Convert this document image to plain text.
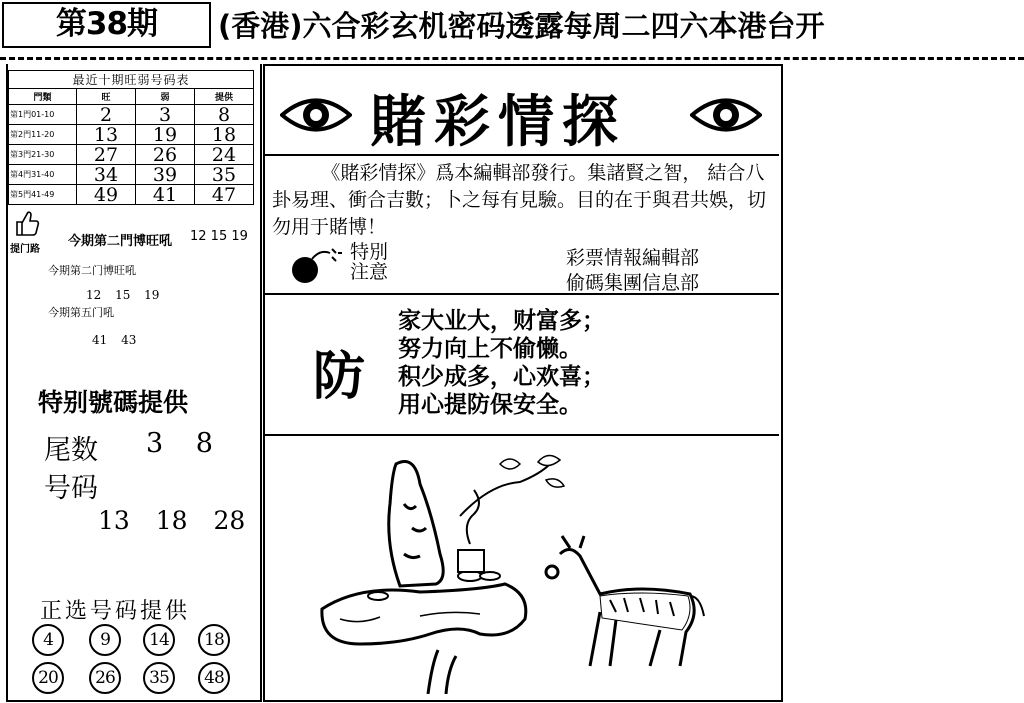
第38期	(香港)六合彩玄机密码透露每周二四六本港台开
最近十期旺弱号码表			
門類	旺	弱	提供
第1門01-10	2	3	8
第2門11-20	13	19	18
第3門21-30	27	26	24
第4門31-40	34	39	35
第5門41-49	49	41	47
提门路
今期第二門博旺吼 12 15 19
今期第二门博旺吼
12 15 19
今期第五门吼
41 43
特别號碼提供
尾数 3 8
号码
13 18 28
正选号码提供
4	9	14	18
20	26	35	48
賭彩情探
《賭彩情探》爲本編輯部發行。集諸賢之智， 結合八卦易理、衝合吉數；卜之每有見驗。目的在于與君共娛，切勿用于賭博！
特別
注意
彩票情報編輯部
偷碼集團信息部
防
家大业大，财富多；
努力向上不偷懒。
积少成多，心欢喜；
用心提防保安全。
